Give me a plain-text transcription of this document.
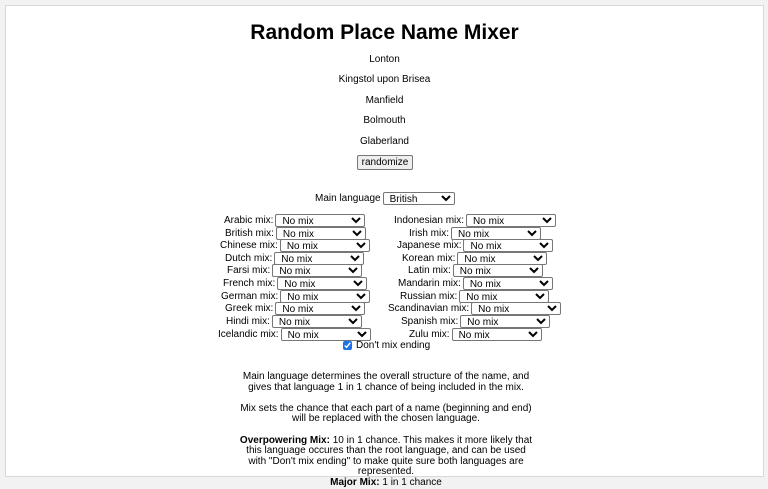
Random Place Name Mixer
Lonton
Kingstol upon Brisea
Manfield
Bolmouth
Glaberland
randomize
Main language
British
Arabic mix:
No mix
British mix:
No mix
Chinese mix:
No mix
Dutch mix:
No mix
Farsi mix:
No mix
French mix:
No mix
German mix:
No mix
Greek mix:
No mix
Hindi mix:
No mix
Icelandic mix:
No mix
Indonesian mix:
No mix
Irish mix:
No mix
Japanese mix:
No mix
Korean mix:
No mix
Latin mix:
No mix
Mandarin mix:
No mix
Russian mix:
No mix
Scandinavian mix:
No mix
Spanish mix:
No mix
Zulu mix:
No mix
Don't mix ending

Main language determines the overall structure of the name, and gives that language 1 in 1 chance of being included in the mix.

Mix sets the chance that each part of a name (beginning and end) will be replaced with the chosen language.

Overpowering Mix: 10 in 1 chance. This makes it more likely that this language occures than the root language, and can be used with "Don't mix ending" to make quite sure both languages are represented.
Major Mix: 1 in 1 chance
